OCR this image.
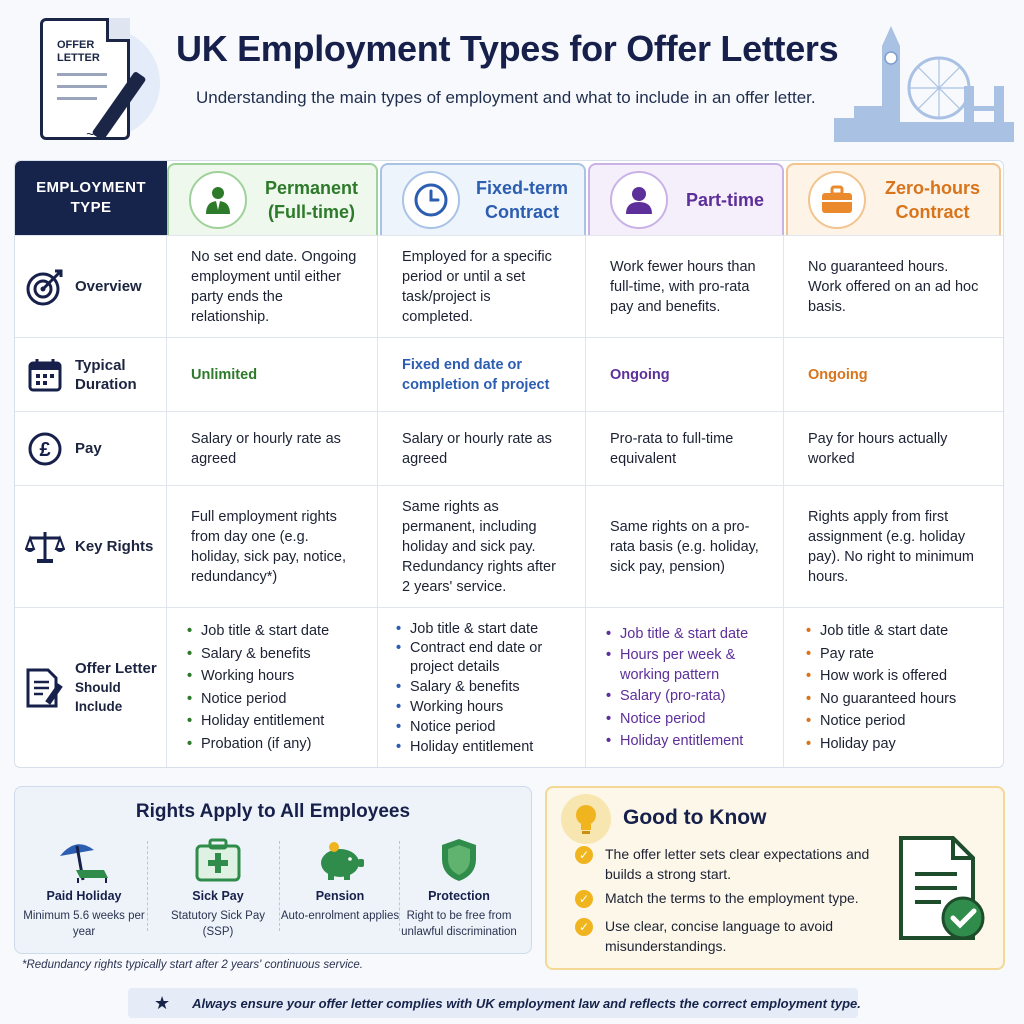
OFFER
LETTER
~
UK Employment Types for Offer Letters
Understanding the main types of employment and what to include in an offer letter.
EMPLOYMENT TYPE
Permanent (Full-time)
Fixed-term Contract
Part-time
Zero-hours Contract
Overview
No set end date. Ongoing employment until either party ends the relationship.
Employed for a specific period or until a set task/project is completed.
Work fewer hours than full-time, with pro-rata pay and benefits.
No guaranteed hours. Work offered on an ad hoc basis.
Typical Duration
Unlimited
Fixed end date or completion of project
Ongoing	Ongoing
£ Pay
Salary or hourly rate as agreed
Salary or hourly rate as agreed
Pro-rata to full-time equivalent
Pay for hours actually worked
Key Rights
Full employment rights from day one (e.g. holiday, sick pay, notice, redundancy*)
Same rights as permanent, including holiday and sick pay. Redundancy rights after 2 years' service.
Same rights on a pro-rata basis (e.g. holiday, sick pay, pension)
Rights apply from first assignment (e.g. holiday pay). No right to minimum hours.
Offer Letter
Should Include
• Job title & start date
• Salary & benefits
• Working hours
• Notice period
• Holiday entitlement
• Probation (if any)
• Job title & start date
• Contract end date or project details
• Salary & benefits
• Working hours
• Notice period
• Holiday entitlement
• Job title & start date
• Hours per week & working pattern
• Salary (pro-rata)
• Notice period
• Holiday entitlement
• Job title & start date
• Pay rate
• How work is offered
• No guaranteed hours
• Notice period
• Holiday pay
Rights Apply to All Employees
Paid Holiday
Minimum 5.6 weeks per year
Sick Pay
Statutory Sick Pay (SSP)
Pension
Auto-enrolment applies
Protection
Right to be free from unlawful discrimination
Good to Know
✓ The offer letter sets clear expectations and builds a strong start.
✓ Match the terms to the employment type.
✓ Use clear, concise language to avoid misunderstandings.
*Redundancy rights typically start after 2 years' continuous service.
★ Always ensure your offer letter complies with UK employment law and reflects the correct employment type.
